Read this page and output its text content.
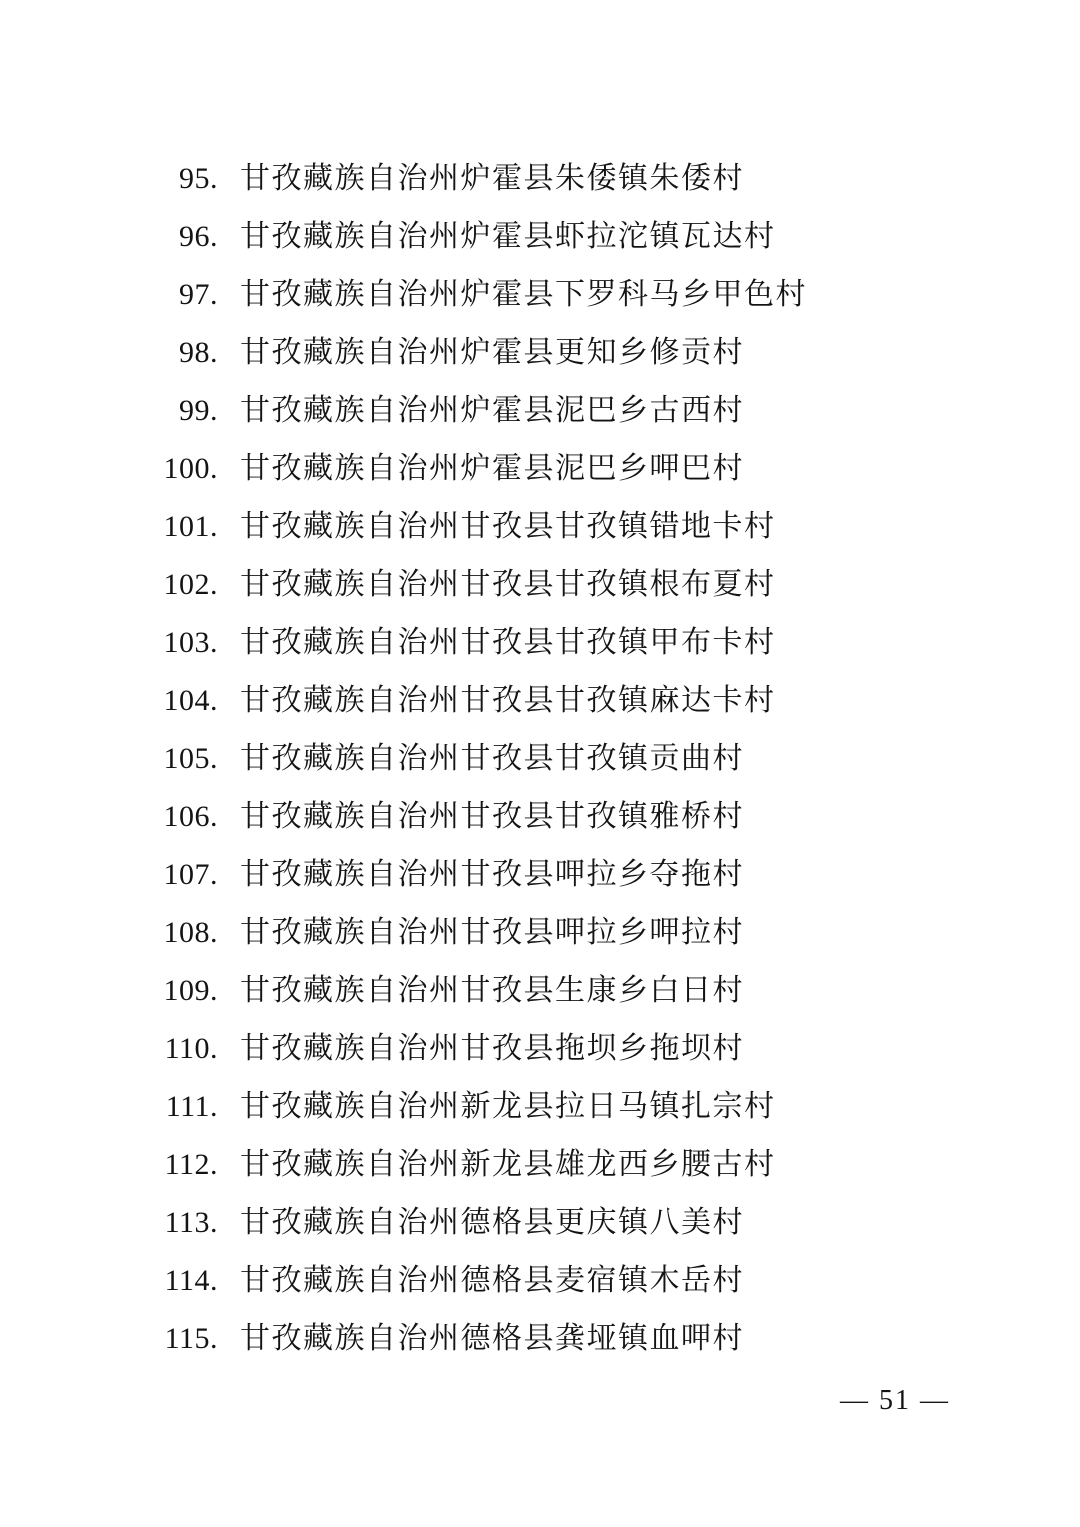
95. 甘孜藏族自治州炉霍县朱倭镇朱倭村
96. 甘孜藏族自治州炉霍县虾拉沱镇瓦达村
97. 甘孜藏族自治州炉霍县下罗科马乡甲色村
98. 甘孜藏族自治州炉霍县更知乡修贡村
99. 甘孜藏族自治州炉霍县泥巴乡古西村
100. 甘孜藏族自治州炉霍县泥巴乡呷巴村
101. 甘孜藏族自治州甘孜县甘孜镇错地卡村
102. 甘孜藏族自治州甘孜县甘孜镇根布夏村
103. 甘孜藏族自治州甘孜县甘孜镇甲布卡村
104. 甘孜藏族自治州甘孜县甘孜镇麻达卡村
105. 甘孜藏族自治州甘孜县甘孜镇贡曲村
106. 甘孜藏族自治州甘孜县甘孜镇雅桥村
107. 甘孜藏族自治州甘孜县呷拉乡夺拖村
108. 甘孜藏族自治州甘孜县呷拉乡呷拉村
109. 甘孜藏族自治州甘孜县生康乡白日村
110. 甘孜藏族自治州甘孜县拖坝乡拖坝村
111. 甘孜藏族自治州新龙县拉日马镇扎宗村
112. 甘孜藏族自治州新龙县雄龙西乡腰古村
113. 甘孜藏族自治州德格县更庆镇八美村
114. 甘孜藏族自治州德格县麦宿镇木岳村
115. 甘孜藏族自治州德格县龚垭镇血呷村
— 51 —
